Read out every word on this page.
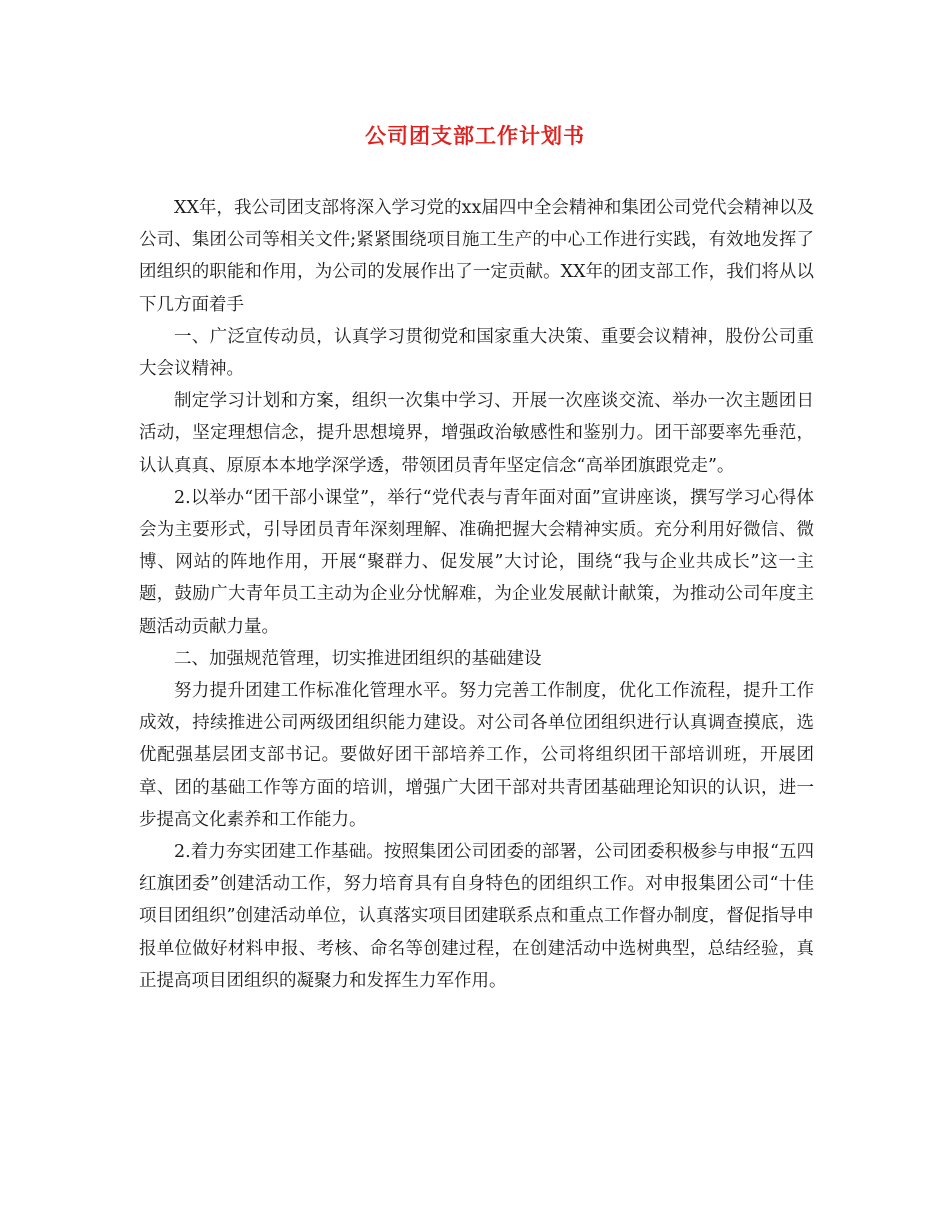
公司团支部工作计划书

XX年，我公司团支部将深入学习党的xx届四中全会精神和集团公司党代会精神以及公司、集团公司等相关文件;紧紧围绕项目施工生产的中心工作进行实践，有效地发挥了团组织的职能和作用，为公司的发展作出了一定贡献。XX年的团支部工作，我们将从以下几方面着手

一、广泛宣传动员，认真学习贯彻党和国家重大决策、重要会议精神，股份公司重大会议精神。

制定学习计划和方案，组织一次集中学习、开展一次座谈交流、举办一次主题团日活动，坚定理想信念，提升思想境界，增强政治敏感性和鉴别力。团干部要率先垂范，认认真真、原原本本地学深学透，带领团员青年坚定信念“高举团旗跟党走”。

2.以举办“团干部小课堂”，举行“党代表与青年面对面”宣讲座谈，撰写学习心得体会为主要形式，引导团员青年深刻理解、准确把握大会精神实质。充分利用好微信、微博、网站的阵地作用，开展“聚群力、促发展”大讨论，围绕“我与企业共成长”这一主题，鼓励广大青年员工主动为企业分忧解难，为企业发展献计献策，为推动公司年度主题活动贡献力量。

二、加强规范管理，切实推进团组织的基础建设

努力提升团建工作标准化管理水平。努力完善工作制度，优化工作流程，提升工作成效，持续推进公司两级团组织能力建设。对公司各单位团组织进行认真调查摸底，选优配强基层团支部书记。要做好团干部培养工作，公司将组织团干部培训班，开展团章、团的基础工作等方面的培训，增强广大团干部对共青团基础理论知识的认识，进一步提高文化素养和工作能力。

2.着力夯实团建工作基础。按照集团公司团委的部署，公司团委积极参与申报“五四红旗团委”创建活动工作，努力培育具有自身特色的团组织工作。对申报集团公司“十佳项目团组织”创建活动单位，认真落实项目团建联系点和重点工作督办制度，督促指导申报单位做好材料申报、考核、命名等创建过程，在创建活动中选树典型，总结经验，真正提高项目团组织的凝聚力和发挥生力军作用。
